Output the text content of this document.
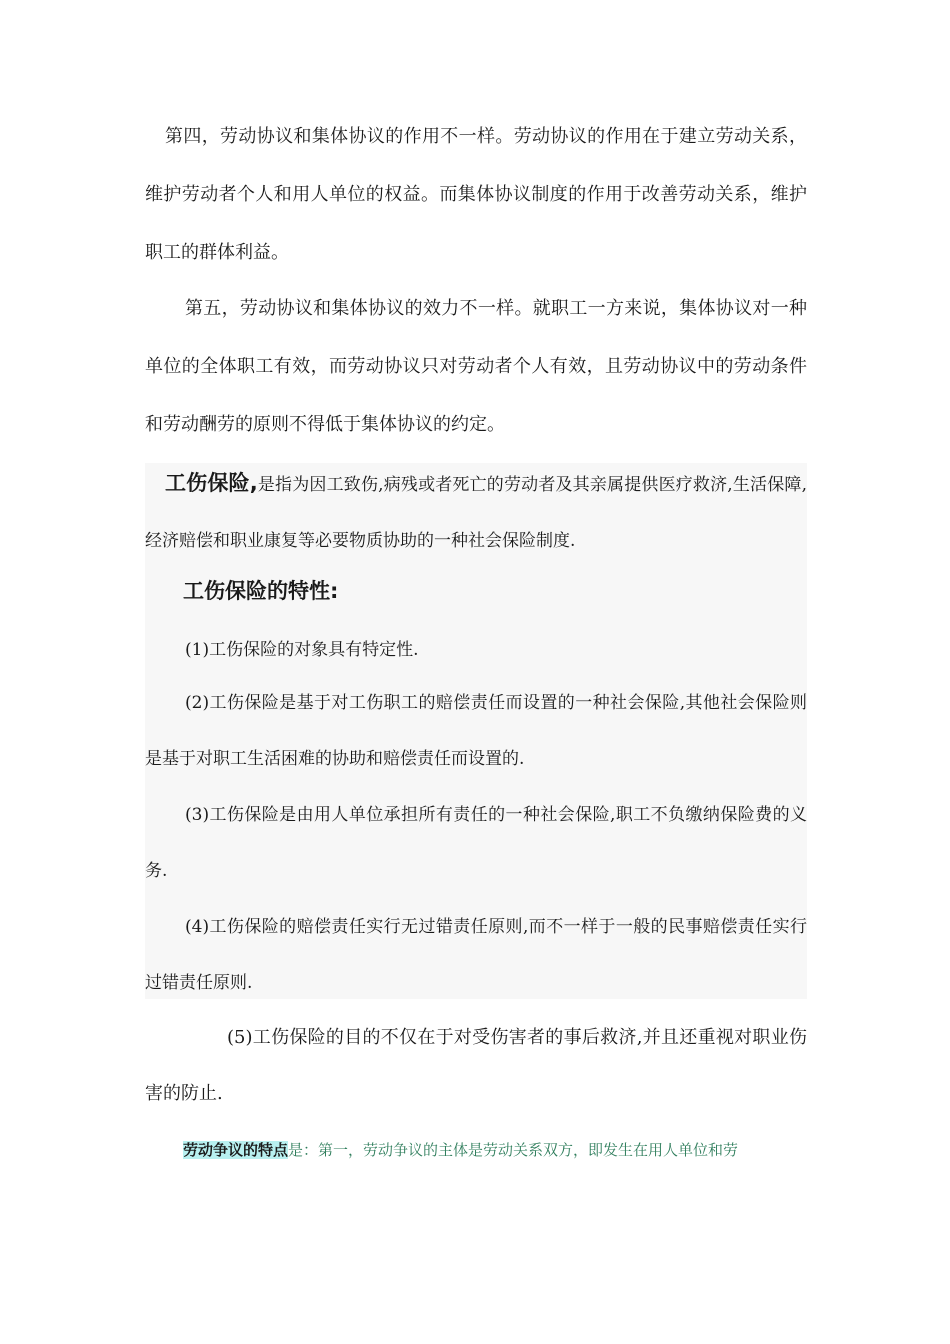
第四，劳动协议和集体协议的作用不一样。劳动协议的作用在于建立劳动关系，维护劳动者个人和用人单位的权益。而集体协议制度的作用于改善劳动关系，维护职工的群体利益。

第五，劳动协议和集体协议的效力不一样。就职工一方来说，集体协议对一种单位的全体职工有效，而劳动协议只对劳动者个人有效，且劳动协议中的劳动条件和劳动酬劳的原则不得低于集体协议的约定。

工伤保险,是指为因工致伤,病残或者死亡的劳动者及其亲属提供医疗救济,生活保障,经济赔偿和职业康复等必要物质协助的一种社会保险制度.

工伤保险的特性:

(1)工伤保险的对象具有特定性.

(2)工伤保险是基于对工伤职工的赔偿责任而设置的一种社会保险,其他社会保险则是基于对职工生活困难的协助和赔偿责任而设置的.

(3)工伤保险是由用人单位承担所有责任的一种社会保险,职工不负缴纳保险费的义务.

(4)工伤保险的赔偿责任实行无过错责任原则,而不一样于一般的民事赔偿责任实行过错责任原则.

(5)工伤保险的目的不仅在于对受伤害者的事后救济,并且还重视对职业伤害的防止.

劳动争议的特点是：第一，劳动争议的主体是劳动关系双方，即发生在用人单位和劳
